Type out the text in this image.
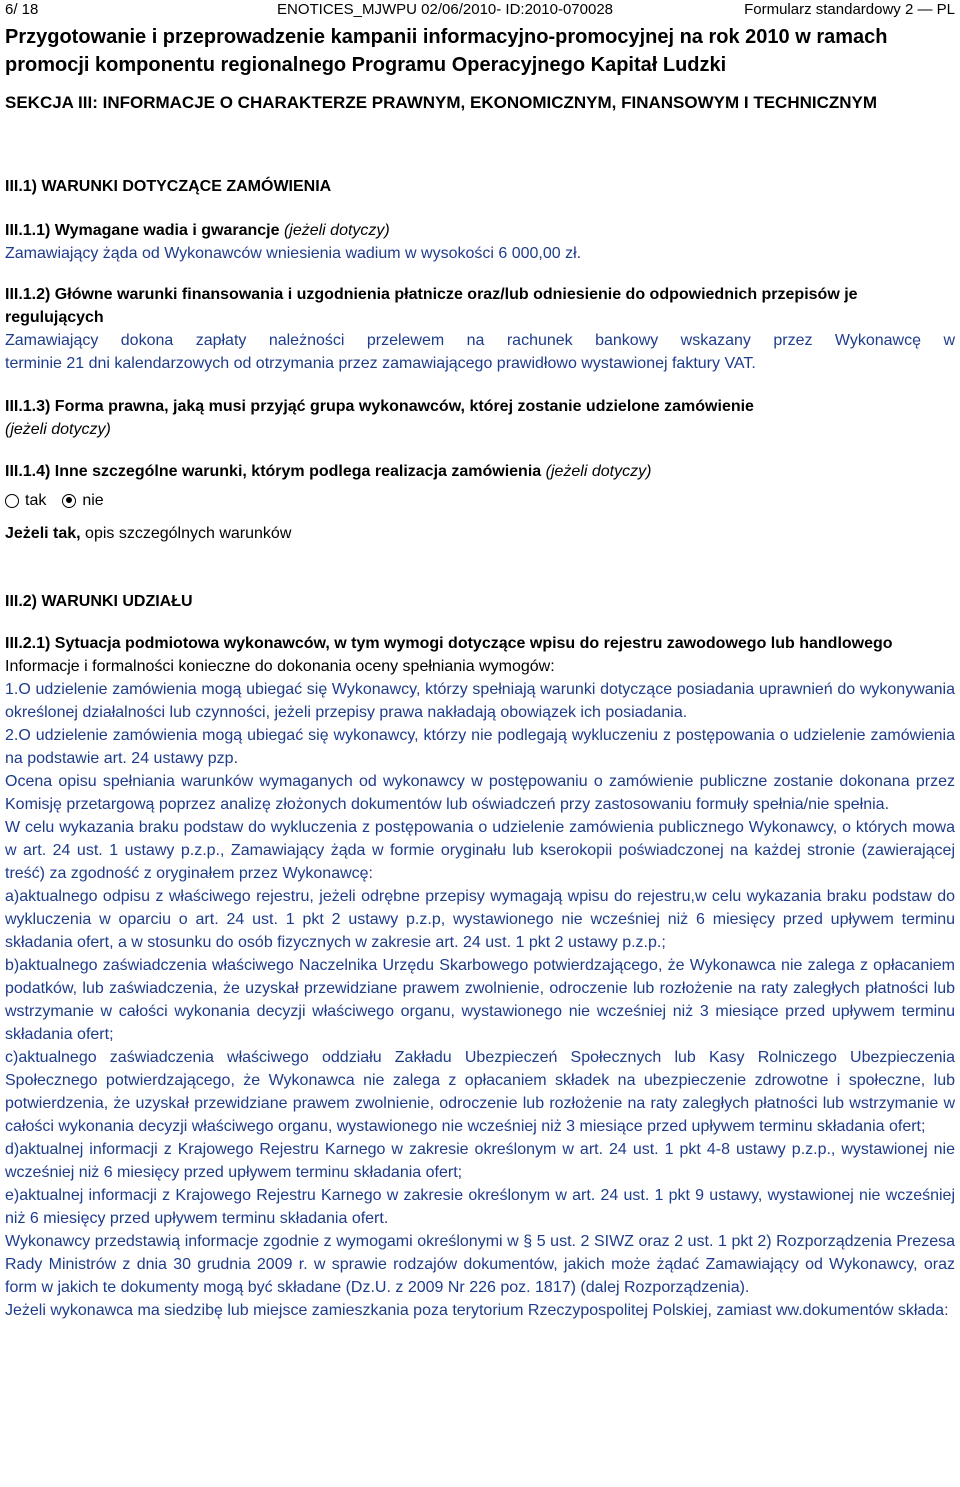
6/ 18	ENOTICES_MJWPU 02/06/2010- ID:2010-070028	Formularz standardowy 2 — PL
Przygotowanie i przeprowadzenie kampanii informacyjno-promocyjnej na rok 2010 w ramach promocji komponentu regionalnego Programu Operacyjnego Kapitał Ludzki
SEKCJA III: INFORMACJE O CHARAKTERZE PRAWNYM, EKONOMICZNYM, FINANSOWYM I TECHNICZNYM
III.1) WARUNKI DOTYCZĄCE ZAMÓWIENIA
III.1.1) Wymagane wadia i gwarancje (jeżeli dotyczy)

Zamawiający żąda od Wykonawców wniesienia wadium w wysokości 6 000,00 zł.

III.1.2) Główne warunki finansowania i uzgodnienia płatnicze oraz/lub odniesienie do odpowiednich przepisów je regulujących

Zamawiający dokona zapłaty należności przelewem na rachunek bankowy wskazany przez Wykonawcę w

terminie 21 dni kalendarzowych od otrzymania przez zamawiającego prawidłowo wystawionej faktury VAT.

III.1.3) Forma prawna, jaką musi przyjąć grupa wykonawców, której zostanie udzielone zamówienie
(jeżeli dotyczy)
III.1.4) Inne szczególne warunki, którym podlega realizacja zamówienia (jeżeli dotyczy)
tak nie

Jeżeli tak, opis szczególnych warunków

III.2) WARUNKI UDZIAŁU
III.2.1) Sytuacja podmiotowa wykonawców, w tym wymogi dotyczące wpisu do rejestru zawodowego lub handlowego

Informacje i formalności konieczne do dokonania oceny spełniania wymogów:

1.O udzielenie zamówienia mogą ubiegać się Wykonawcy, którzy spełniają warunki dotyczące posiadania uprawnień do wykonywania określonej działalności lub czynności, jeżeli przepisy prawa nakładają obowiązek ich posiadania.

2.O udzielenie zamówienia mogą ubiegać się wykonawcy, którzy nie podlegają wykluczeniu z postępowania o udzielenie zamówienia na podstawie art. 24 ustawy pzp.

Ocena opisu spełniania warunków wymaganych od wykonawcy w postępowaniu o zamówienie publiczne zostanie dokonana przez Komisję przetargową poprzez analizę złożonych dokumentów lub oświadczeń przy zastosowaniu formuły spełnia/nie spełnia.

W celu wykazania braku podstaw do wykluczenia z postępowania o udzielenie zamówienia publicznego Wykonawcy, o których mowa w art. 24 ust. 1 ustawy p.z.p., Zamawiający żąda w formie oryginału lub kserokopii poświadczonej na każdej stronie (zawierającej treść) za zgodność z oryginałem przez Wykonawcę:

a)aktualnego odpisu z właściwego rejestru, jeżeli odrębne przepisy wymagają wpisu do rejestru,w celu wykazania braku podstaw do wykluczenia w oparciu o art. 24 ust. 1 pkt 2 ustawy p.z.p, wystawionego nie wcześniej niż 6 miesięcy przed upływem terminu składania ofert, a w stosunku do osób fizycznych w zakresie art. 24 ust. 1 pkt 2 ustawy p.z.p.;

b)aktualnego zaświadczenia właściwego Naczelnika Urzędu Skarbowego potwierdzającego, że Wykonawca nie zalega z opłacaniem podatków, lub zaświadczenia, że uzyskał przewidziane prawem zwolnienie, odroczenie lub rozłożenie na raty zaległych płatności lub wstrzymanie w całości wykonania decyzji właściwego organu, wystawionego nie wcześniej niż 3 miesiące przed upływem terminu składania ofert;

c)aktualnego zaświadczenia właściwego oddziału Zakładu Ubezpieczeń Społecznych lub Kasy Rolniczego Ubezpieczenia Społecznego potwierdzającego, że Wykonawca nie zalega z opłacaniem składek na ubezpieczenie zdrowotne i społeczne, lub potwierdzenia, że uzyskał przewidziane prawem zwolnienie, odroczenie lub rozłożenie na raty zaległych płatności lub wstrzymanie w całości wykonania decyzji właściwego organu, wystawionego nie wcześniej niż 3 miesiące przed upływem terminu składania ofert;

d)aktualnej informacji z Krajowego Rejestru Karnego w zakresie określonym w art. 24 ust. 1 pkt 4-8 ustawy p.z.p., wystawionej nie wcześniej niż 6 miesięcy przed upływem terminu składania ofert;

e)aktualnej informacji z Krajowego Rejestru Karnego w zakresie określonym w art. 24 ust. 1 pkt 9 ustawy, wystawionej nie wcześniej niż 6 miesięcy przed upływem terminu składania ofert.

Wykonawcy przedstawią informacje zgodnie z wymogami określonymi w § 5 ust. 2 SIWZ oraz 2 ust. 1 pkt 2) Rozporządzenia Prezesa Rady Ministrów z dnia 30 grudnia 2009 r. w sprawie rodzajów dokumentów, jakich może żądać Zamawiający od Wykonawcy, oraz form w jakich te dokumenty mogą być składane (Dz.U. z 2009 Nr 226 poz. 1817) (dalej Rozporządzenia).

Jeżeli wykonawca ma siedzibę lub miejsce zamieszkania poza terytorium Rzeczypospolitej Polskiej, zamiast ww.dokumentów składa:
